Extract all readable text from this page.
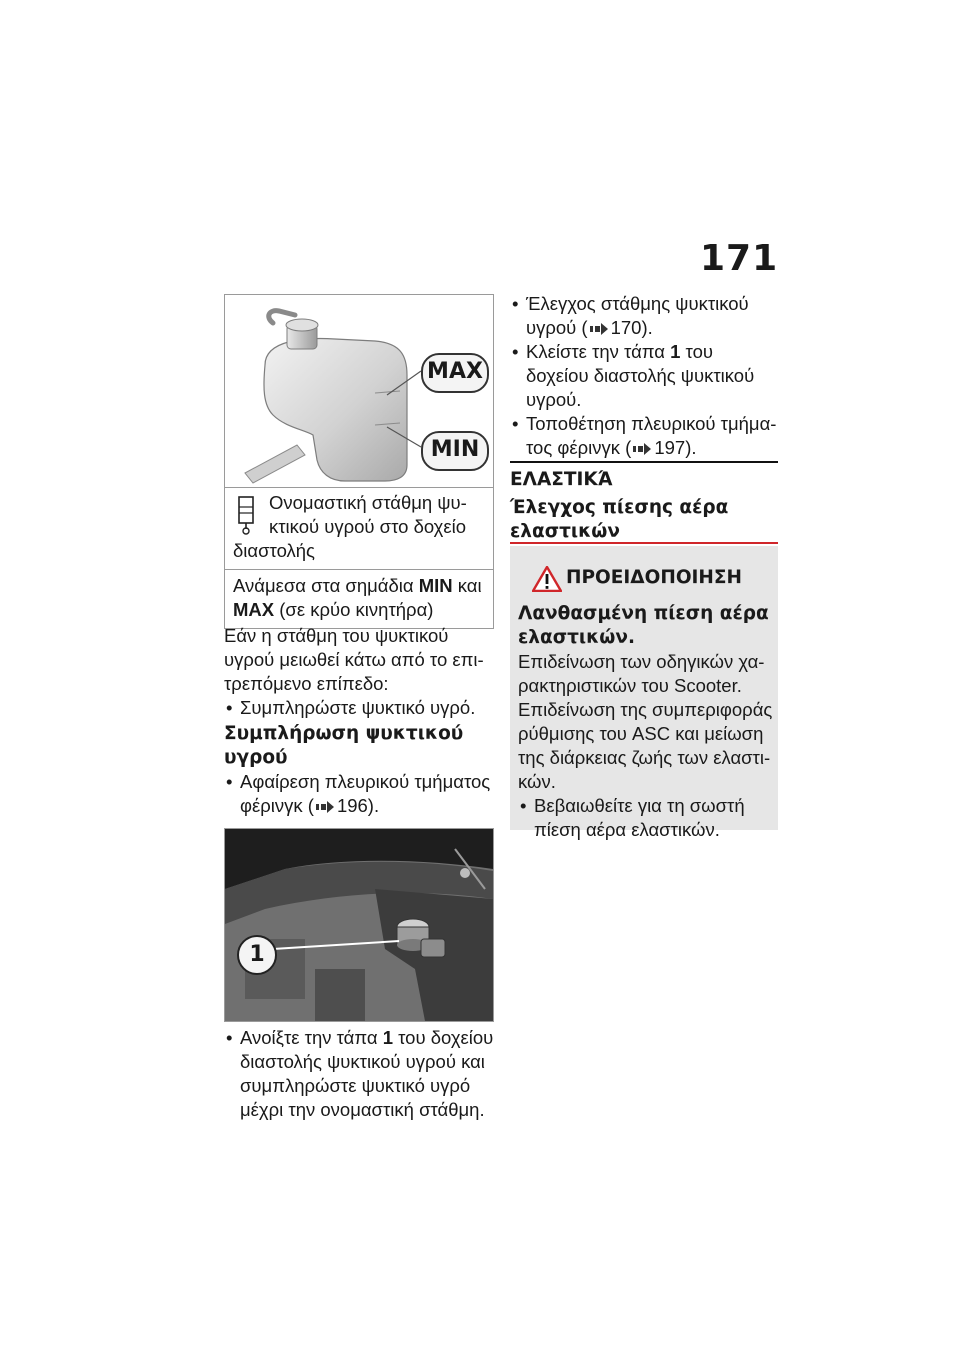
171
MAX
MIN
Ονομαστική στάθμη ψυ-
κτικού υγρού στο δοχείο
διαστολής
Ανάμεσα στα σημάδια MIN και
MAX (σε κρύο κινητήρα)
Εάν η στάθμη του ψυκτικού
υγρού μειωθεί κάτω από το επι-
τρεπόμενο επίπεδο:
• Συμπληρώστε ψυκτικό υγρό.
Συμπλήρωση ψυκτικού
υγρού
• Αφαίρεση πλευρικού τμήματος
φέρινγκ ( 196).
1
• Ανοίξτε την τάπα 1 του δοχείου
διαστολής ψυκτικού υγρού και
συμπληρώστε ψυκτικό υγρό
μέχρι την ονομαστική στάθμη.
• Έλεγχος στάθμης ψυκτικού
υγρού ( 170).
• Κλείστε την τάπα 1 του
δοχείου διαστολής ψυκτικού
υγρού.
• Τοποθέτηση πλευρικού τμήμα-
τος φέρινγκ ( 197).
ΕΛΑΣΤΙΚΆ
Έλεγχος πίεσης αέρα
ελαστικών
ΠΡΟΕΙΔΟΠΟΙΗΣΗ
Λανθασμένη πίεση αέρα
ελαστικών.
Επιδείνωση των οδηγικών χα-
ρακτηριστικών του Scooter.
Επιδείνωση της συμπεριφοράς
ρύθμισης του ASC και μείωση
της διάρκειας ζωής των ελαστι-
κών.
• Βεβαιωθείτε για τη σωστή
πίεση αέρα ελαστικών.
